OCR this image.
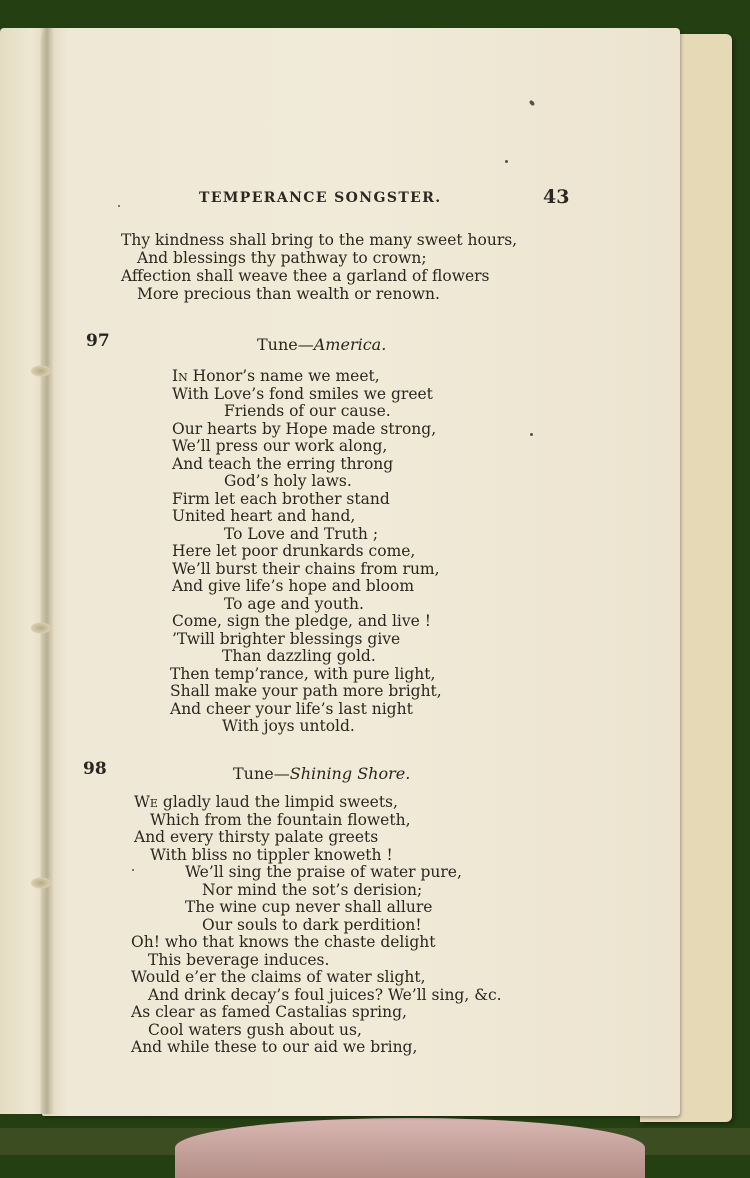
TEMPERANCE SONGSTER.	43

Thy kindness shall bring to the many sweet hours,

And blessings thy pathway to crown;

Affection shall weave thee a garland of flowers

More precious than wealth or renown.

97	Tune—America.

In Honor’s name we meet,

With Love’s fond smiles we greet

Friends of our cause.

Our hearts by Hope made strong,

We’ll press our work along,

And teach the erring throng

God’s holy laws.

Firm let each brother stand

United heart and hand,

To Love and Truth ;

Here let poor drunkards come,

We’ll burst their chains from rum,

And give life’s hope and bloom

To age and youth.

Come, sign the pledge, and live !

’Twill brighter blessings give

Than dazzling gold.

Then temp’rance, with pure light,

Shall make your path more bright,

And cheer your life’s last night

With joys untold.

98	Tune—Shining Shore.

We gladly laud the limpid sweets,

Which from the fountain floweth,

And every thirsty palate greets

With bliss no tippler knoweth !

We’ll sing the praise of water pure,

Nor mind the sot’s derision;

The wine cup never shall allure

Our souls to dark perdition!

Oh! who that knows the chaste delight

This beverage induces.

Would e’er the claims of water slight,

And drink decay’s foul juices? We’ll sing, &c.

As clear as famed Castalias spring,

Cool waters gush about us,

And while these to our aid we bring,
